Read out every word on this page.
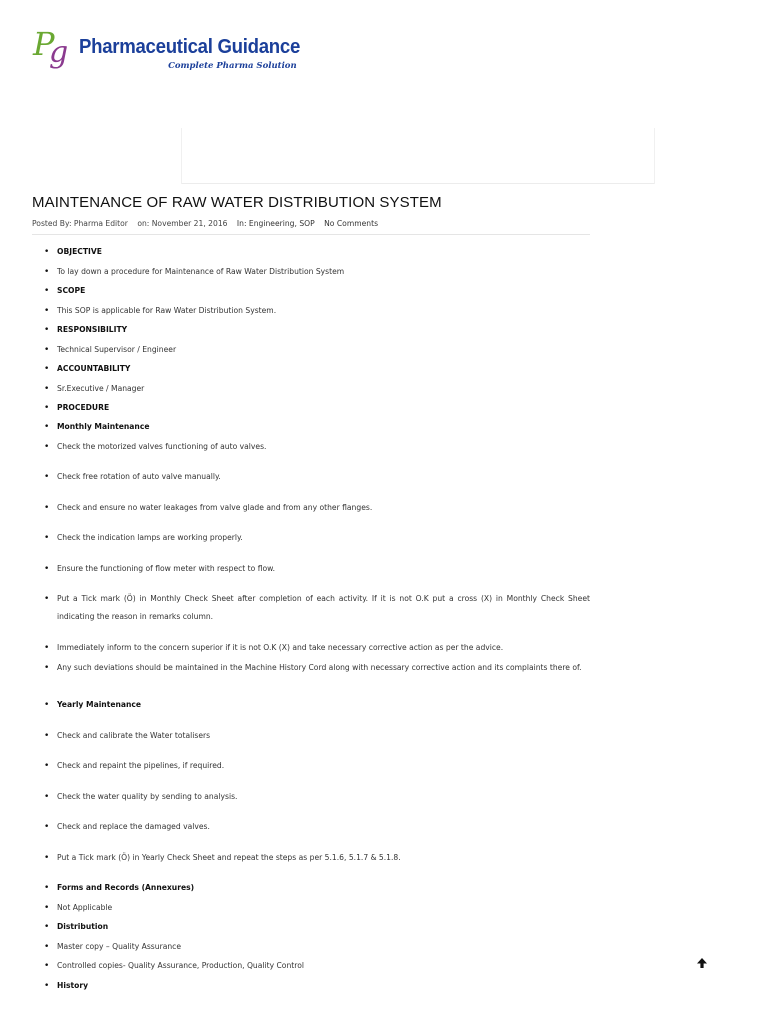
P
g Pharmaceutical Guidance
Complete Pharma Solution
MAINTENANCE OF RAW WATER DISTRIBUTION SYSTEM
Posted By: Pharma Editor on: November 21, 2016 In: Engineering, SOP No Comments
• OBJECTIVE
• To lay down a procedure for Maintenance of Raw Water Distribution System
• SCOPE
• This SOP is applicable for Raw Water Distribution System.
• RESPONSIBILITY
• Technical Supervisor / Engineer
• ACCOUNTABILITY
• Sr.Executive / Manager
• PROCEDURE
• Monthly Maintenance
• Check the motorized valves functioning of auto valves.
• Check free rotation of auto valve manually.
• Check and ensure no water leakages from valve glade and from any other flanges.
• Check the indication lamps are working properly.
• Ensure the functioning of flow meter with respect to flow.
• Put a Tick mark (Ö) in Monthly Check Sheet after completion of each activity. If it is not O.K put a cross (X) in Monthly Check Sheet indicating the reason in remarks column.
• Immediately inform to the concern superior if it is not O.K (X) and take necessary corrective action as per the advice.
• Any such deviations should be maintained in the Machine History Cord along with necessary corrective action and its complaints there of.
• Yearly Maintenance
• Check and calibrate the Water totalisers
• Check and repaint the pipelines, if required.
• Check the water quality by sending to analysis.
• Check and replace the damaged valves.
• Put a Tick mark (Ö) in Yearly Check Sheet and repeat the steps as per 5.1.6, 5.1.7 & 5.1.8.
• Forms and Records (Annexures)
• Not Applicable
• Distribution
• Master copy – Quality Assurance
• Controlled copies- Quality Assurance, Production, Quality Control
• History
